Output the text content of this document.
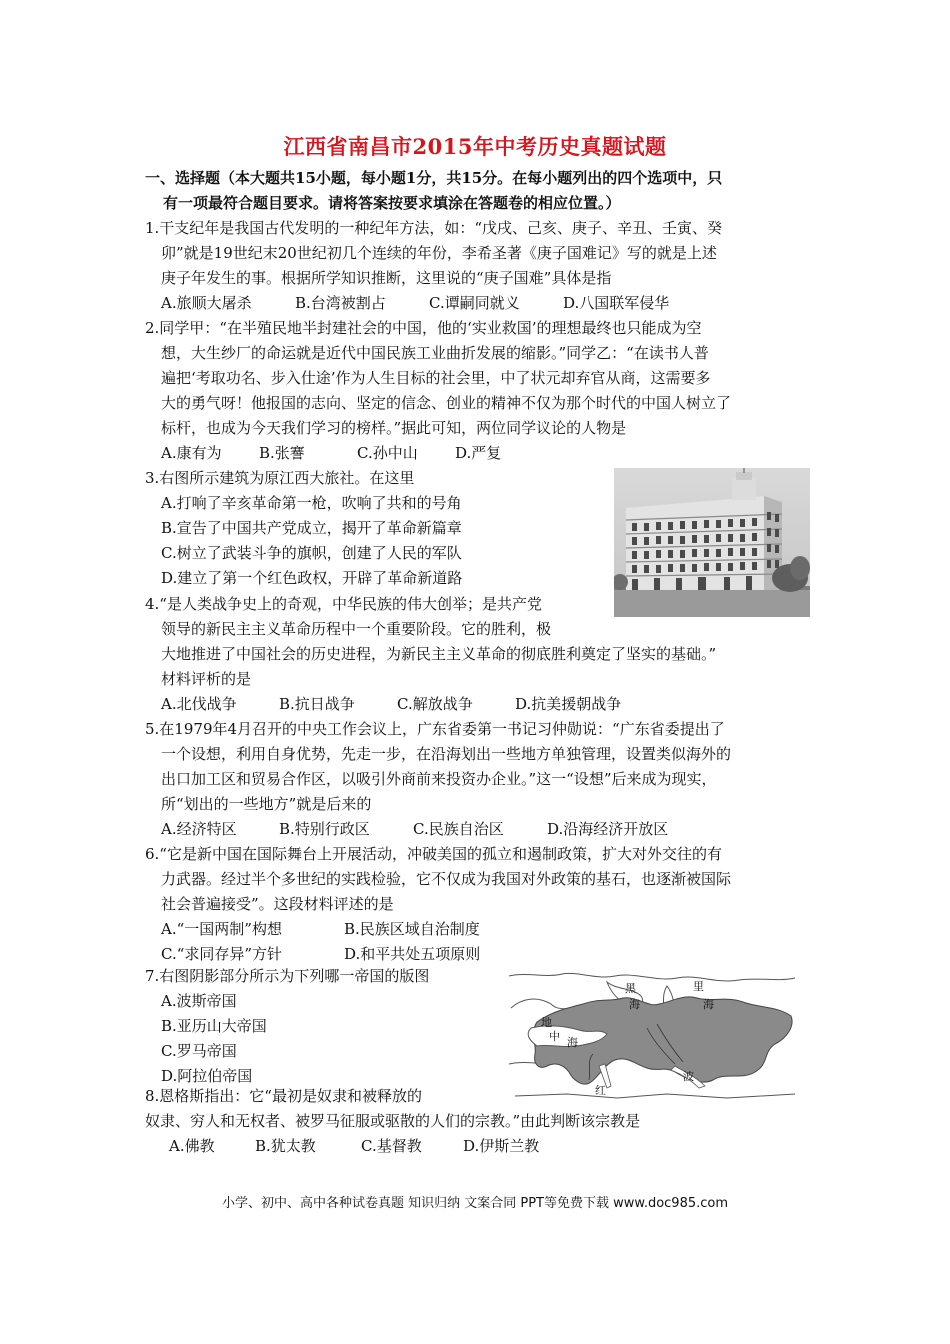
江西省南昌市2015年中考历史真题试题
一、选择题（本大题共15小题，每小题1分，共15分。在每小题列出的四个选项中，只
有一项最符合题目要求。请将答案按要求填涂在答题卷的相应位置。）
1.干支纪年是我国古代发明的一种纪年方法，如：“戊戌、己亥、庚子、辛丑、壬寅、癸
卯”就是19世纪末20世纪初几个连续的年份，李希圣著《庚子国难记》写的就是上述
庚子年发生的事。根据所学知识推断，这里说的“庚子国难”具体是指
A.旅顺大屠杀	B.台湾被割占	C.谭嗣同就义	D.八国联军侵华
2.同学甲：“在半殖民地半封建社会的中国，他的‘实业救国’的理想最终也只能成为空
想，大生纱厂的命运就是近代中国民族工业曲折发展的缩影。”同学乙：“在读书人普
遍把‘考取功名、步入仕途’作为人生目标的社会里，中了状元却弃官从商，这需要多
大的勇气呀！他报国的志向、坚定的信念、创业的精神不仅为那个时代的中国人树立了
标杆，也成为今天我们学习的榜样。”据此可知，两位同学议论的人物是
A.康有为 B.张謇	C.孙中山 D.严复
3.右图所示建筑为原江西大旅社。在这里
A.打响了辛亥革命第一枪，吹响了共和的号角
B.宣告了中国共产党成立，揭开了革命新篇章
C.树立了武装斗争的旗帜，创建了人民的军队
D.建立了第一个红色政权，开辟了革命新道路
4.“是人类战争史上的奇观，中华民族的伟大创举；是共产党
领导的新民主主义革命历程中一个重要阶段。它的胜利，极
大地推进了中国社会的历史进程，为新民主主义革命的彻底胜利奠定了坚实的基础。”
材料评析的是
A.北伐战争	B.抗日战争	C.解放战争	D.抗美援朝战争
5.在1979年4月召开的中央工作会议上，广东省委第一书记习仲勋说：“广东省委提出了
一个设想，利用自身优势，先走一步，在沿海划出一些地方单独管理，设置类似海外的
出口加工区和贸易合作区，以吸引外商前来投资办企业。”这一“设想”后来成为现实，
所“划出的一些地方”就是后来的
A.经济特区	B.特别行政区	C.民族自治区	D.沿海经济开放区
6.“它是新中国在国际舞台上开展活动，冲破美国的孤立和遏制政策，扩大对外交往的有
力武器。经过半个多世纪的实践检验，它不仅成为我国对外政策的基石，也逐渐被国际
社会普遍接受”。这段材料评述的是
A.“一国两制”构想	B.民族区域自治制度
C.“求同存异”方针	D.和平共处五项原则
7.右图阴影部分所示为下列哪一帝国的版图
A.波斯帝国
B.亚历山大帝国
C.罗马帝国
D.阿拉伯帝国
黑
海
里
海
地
中 海
红
波
8.恩格斯指出：它“最初是奴隶和被释放的
奴隶、穷人和无权者、被罗马征服或驱散的人们的宗教。”由此判断该宗教是
A.佛教	B.犹太教	C.基督教	D.伊斯兰教
小学、初中、高中各种试卷真题 知识归纳 文案合同 PPT等免费下载 www.doc985.com
